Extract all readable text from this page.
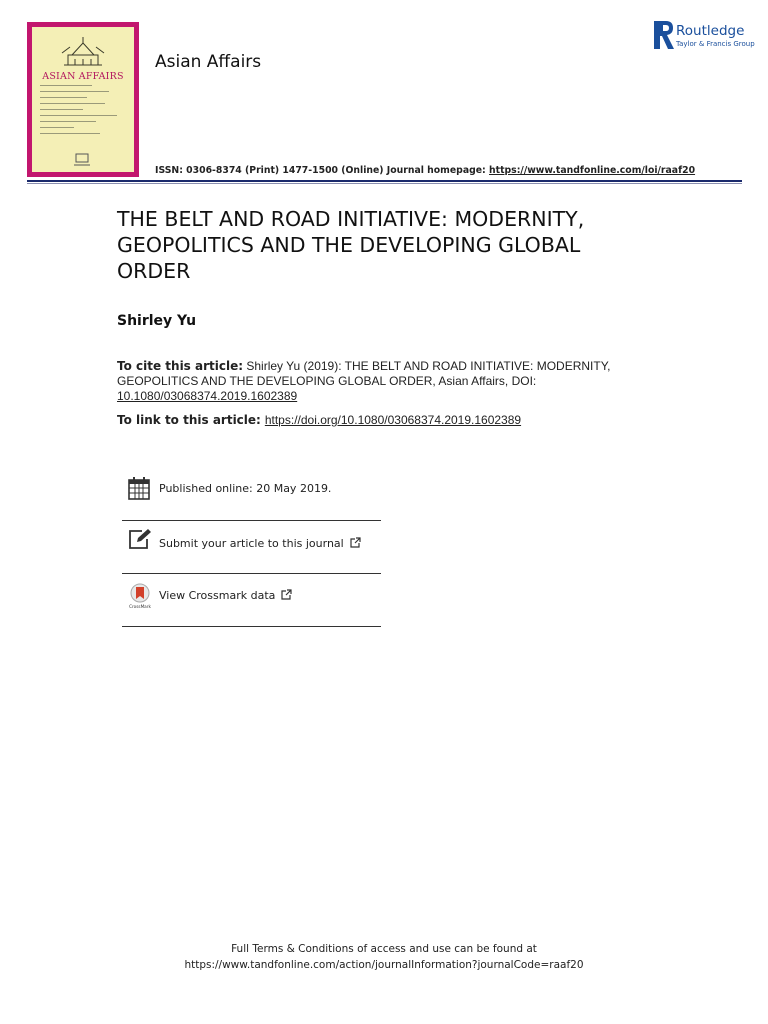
ASIAN AFFAIRS
Asian Affairs
Routledge
Taylor & Francis Group
ISSN: 0306-8374 (Print) 1477-1500 (Online) Journal homepage: https://www.tandfonline.com/loi/raaf20
THE BELT AND ROAD INITIATIVE: MODERNITY, GEOPOLITICS AND THE DEVELOPING GLOBAL ORDER
Shirley Yu
To cite this article: Shirley Yu (2019): THE BELT AND ROAD INITIATIVE: MODERNITY, GEOPOLITICS AND THE DEVELOPING GLOBAL ORDER, Asian Affairs, DOI: 10.1080/03068374.2019.1602389
To link to this article: https://doi.org/10.1080/03068374.2019.1602389
Published online: 20 May 2019.
Submit your article to this journal
CrossMark
View Crossmark data
Full Terms & Conditions of access and use can be found at
https://www.tandfonline.com/action/journalInformation?journalCode=raaf20
